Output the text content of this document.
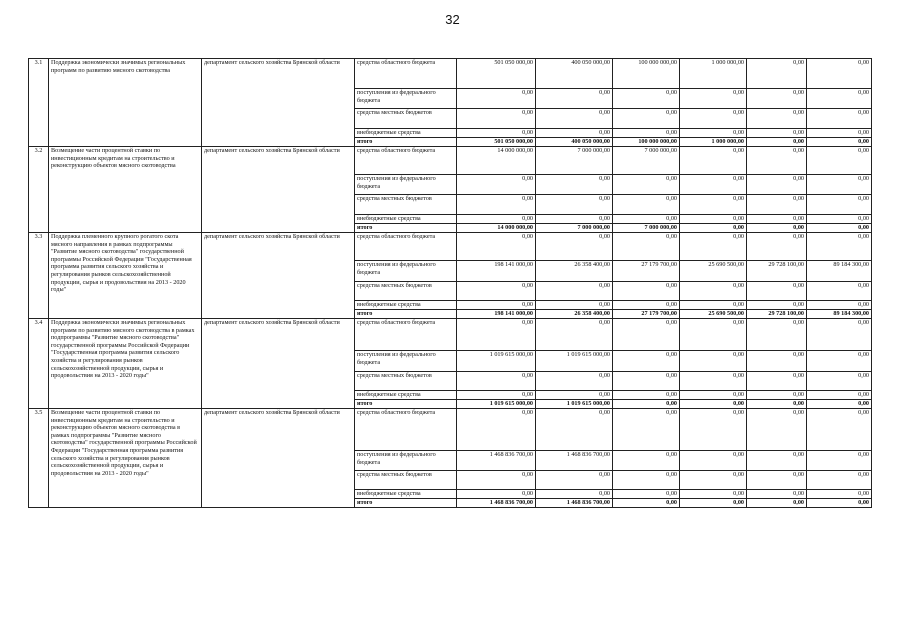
32
3.1	Поддержка экономически значимых региональных программ по развитию мясного скотоводства	департамент сельского хозяйства Брянской области	средства областного бюджета	501 050 000,00	400 050 000,00	100 000 000,00	1 000 000,00	0,00	0,00
			поступления из федерального бюджета	0,00	0,00	0,00	0,00	0,00	0,00
			средства местных бюджетов	0,00	0,00	0,00	0,00	0,00	0,00
			внебюджетные средства	0,00	0,00	0,00	0,00	0,00	0,00
			итого	501 050 000,00	400 050 000,00	100 000 000,00	1 000 000,00	0,00	0,00
3.2	Возмещение части процентной ставки по инвестиционным кредитам на строительство и реконструкцию объектов мясного скотоводства	департамент сельского хозяйства Брянской области	средства областного бюджета	14 000 000,00	7 000 000,00	7 000 000,00	0,00	0,00	0,00
			поступления из федерального бюджета	0,00	0,00	0,00	0,00	0,00	0,00
			средства местных бюджетов	0,00	0,00	0,00	0,00	0,00	0,00
			внебюджетные средства	0,00	0,00	0,00	0,00	0,00	0,00
			итого	14 000 000,00	7 000 000,00	7 000 000,00	0,00	0,00	0,00
3.3	Поддержка племенного крупного рогатого скота мясного направления в рамках подпрограммы "Развитие мясного скотоводства" государственной программы Российской Федерации "Государственная программа развития сельского хозяйства и регулирования рынков сельскохозяйственной продукции, сырья и продовольствия на 2013 - 2020 годы"	департамент сельского хозяйства Брянской области	средства областного бюджета	0,00	0,00	0,00	0,00	0,00	0,00
			поступления из федерального бюджета	198 141 000,00	26 358 400,00	27 179 700,00	25 690 500,00	29 728 100,00	89 184 300,00
			средства местных бюджетов	0,00	0,00	0,00	0,00	0,00	0,00
			внебюджетные средства	0,00	0,00	0,00	0,00	0,00	0,00
			итого	198 141 000,00	26 358 400,00	27 179 700,00	25 690 500,00	29 728 100,00	89 184 300,00
3.4	Поддержка экономически значимых региональных программ по развитию мясного скотоводства в рамках подпрограммы "Развитие мясного скотоводства" государственной программы Российской Федерации "Государственная программа развития сельского хозяйства и регулирования рынков сельскохозяйственной продукции, сырья и продовольствия на 2013 - 2020 годы"	департамент сельского хозяйства Брянской области	средства областного бюджета	0,00	0,00	0,00	0,00	0,00	0,00
			поступления из федерального бюджета	1 019 615 000,00	1 019 615 000,00	0,00	0,00	0,00	0,00
			средства местных бюджетов	0,00	0,00	0,00	0,00	0,00	0,00
			внебюджетные средства	0,00	0,00	0,00	0,00	0,00	0,00
			итого	1 019 615 000,00	1 019 615 000,00	0,00	0,00	0,00	0,00
3.5	Возмещение части процентной ставки по инвестиционным кредитам на строительство и реконструкцию объектов мясного скотоводства в рамках подпрограммы "Развитие мясного скотоводства" государственной программы Российской Федерации "Государственная программа развития сельского хозяйства и регулирования рынков сельскохозяйственной продукции, сырья и продовольствия на 2013 - 2020 годы"	департамент сельского хозяйства Брянской области	средства областного бюджета	0,00	0,00	0,00	0,00	0,00	0,00
			поступления из федерального бюджета	1 468 836 700,00	1 468 836 700,00	0,00	0,00	0,00	0,00
			средства местных бюджетов	0,00	0,00	0,00	0,00	0,00	0,00
			внебюджетные средства	0,00	0,00	0,00	0,00	0,00	0,00
			итого	1 468 836 700,00	1 468 836 700,00	0,00	0,00	0,00	0,00
